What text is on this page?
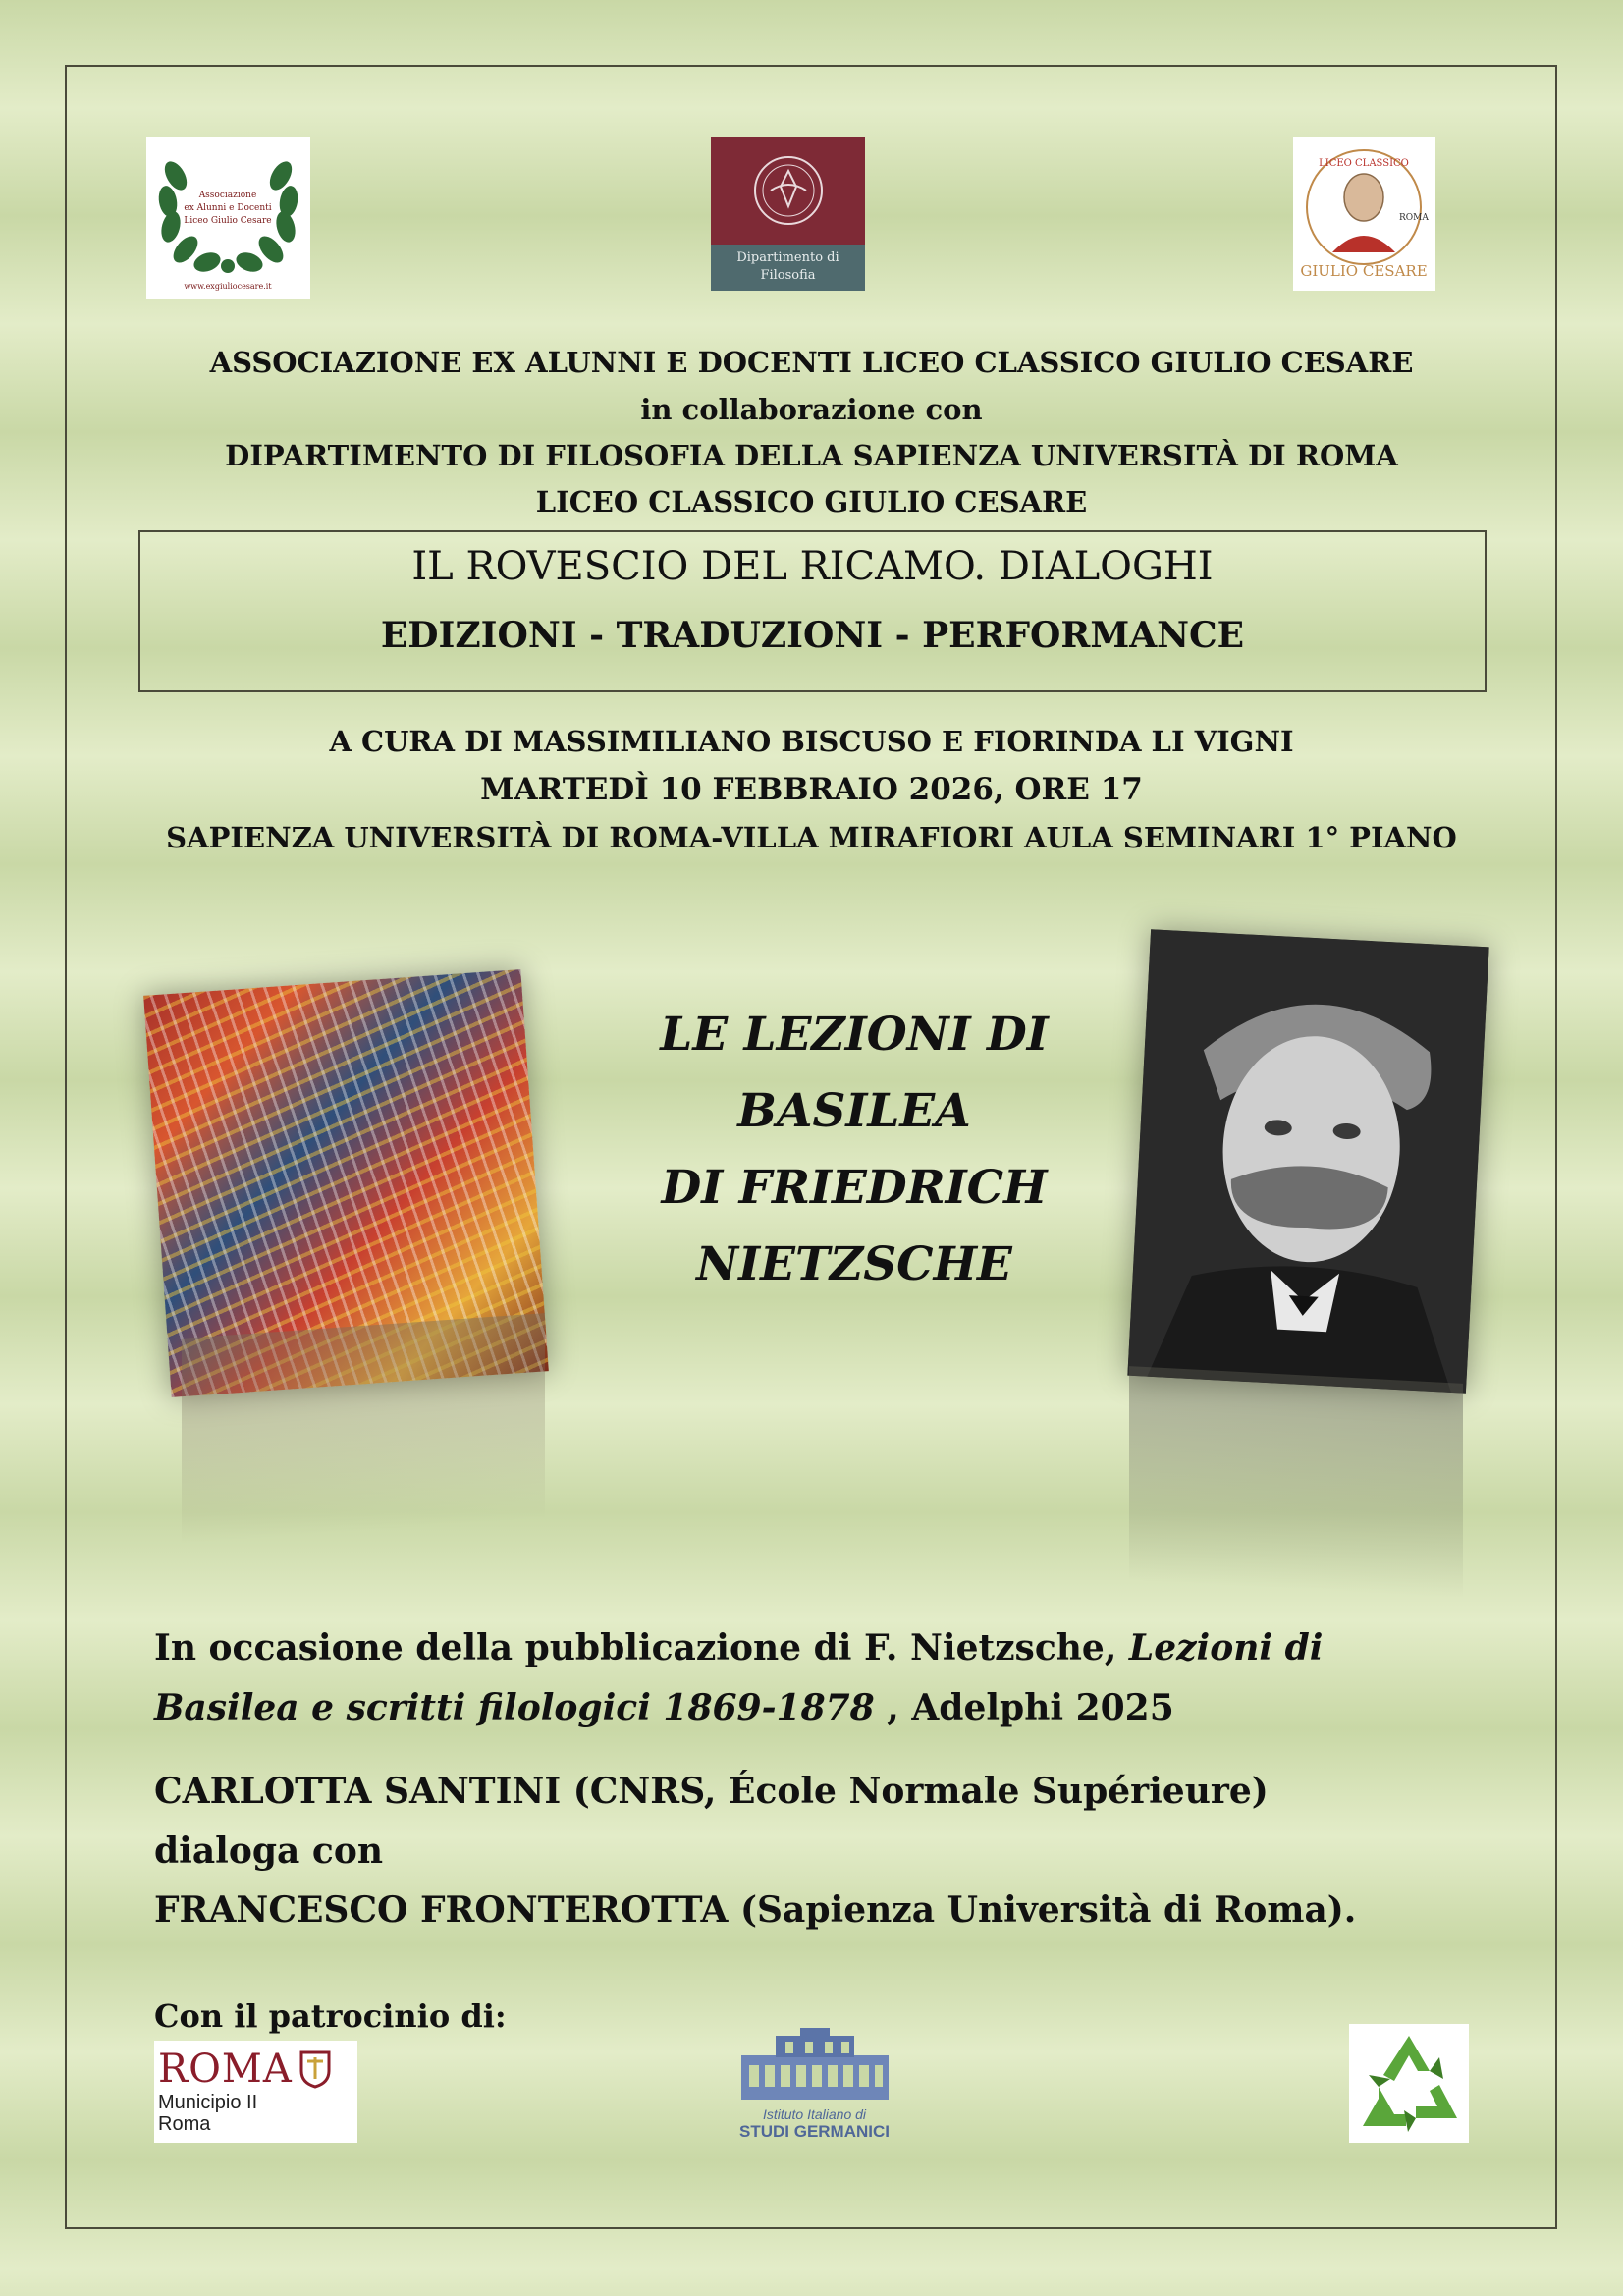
Associazione
ex Alunni e Docenti
Liceo Giulio Cesare
www.exgiuliocesare.it
Dipartimento di Filosofia
LICEO CLASSICO
ROMA
GIULIO CESARE
ASSOCIAZIONE EX ALUNNI E DOCENTI LICEO CLASSICO GIULIO CESARE
in collaborazione con
DIPARTIMENTO DI FILOSOFIA DELLA SAPIENZA UNIVERSITÀ DI ROMA
LICEO CLASSICO GIULIO CESARE
IL ROVESCIO DEL RICAMO. DIALOGHI
EDIZIONI - TRADUZIONI - PERFORMANCE
A CURA DI MASSIMILIANO BISCUSO E FIORINDA LI VIGNI
MARTEDÌ 10 FEBBRAIO 2026, ORE 17
SAPIENZA UNIVERSITÀ DI ROMA-VILLA MIRAFIORI AULA SEMINARI 1° PIANO
LE LEZIONI DI
BASILEA
DI FRIEDRICH
NIETZSCHE
In occasione della pubblicazione di F. Nietzsche, Lezioni di Basilea e scritti filologici 1869-1878 , Adelphi 2025
CARLOTTA SANTINI (CNRS, École Normale Supérieure)
dialoga con
FRANCESCO FRONTEROTTA (Sapienza Università di Roma).
Con il patrocinio di:
ROMA
Municipio II
Roma	Istituto Italiano di
STUDI GERMANICI
